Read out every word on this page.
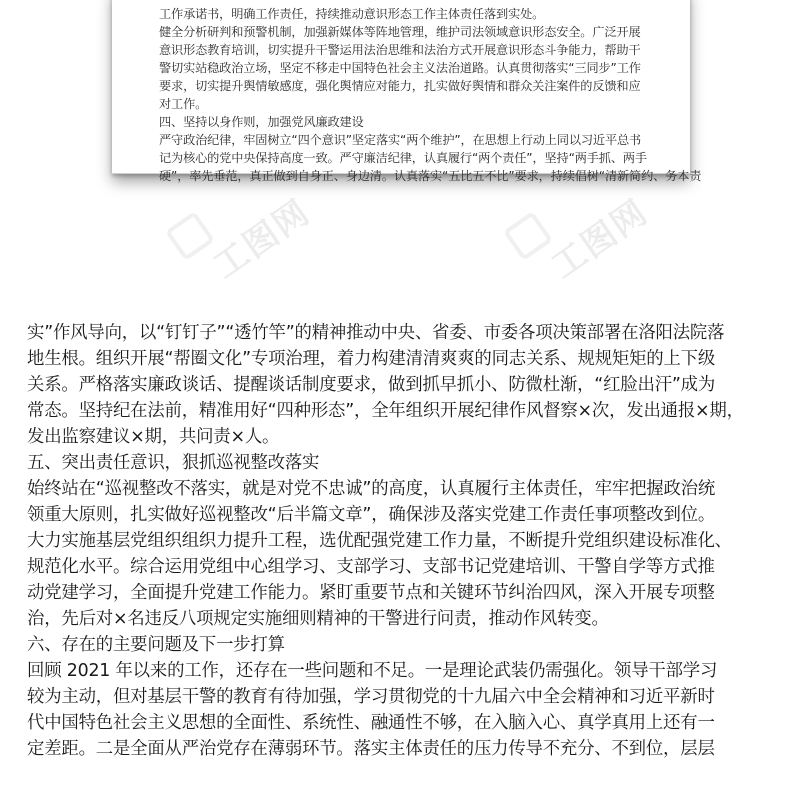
工作承诺书，明确工作责任，持续推动意识形态工作主体责任落到实处。
健全分析研判和预警机制，加强新媒体等阵地管理，维护司法领域意识形态安全。广泛开展
意识形态教育培训，切实提升干警运用法治思维和法治方式开展意识形态斗争能力，帮助干
警切实站稳政治立场，坚定不移走中国特色社会主义法治道路。认真贯彻落实“三同步”工作
要求，切实提升舆情敏感度，强化舆情应对能力，扎实做好舆情和群众关注案件的反馈和应
对工作。
四、坚持以身作则，加强党风廉政建设
严守政治纪律，牢固树立“四个意识”坚定落实“两个维护”，在思想上行动上同以习近平总书
记为核心的党中央保持高度一致。严守廉洁纪律，认真履行“两个责任”，坚持“两手抓、两手
硬”，率先垂范，真正做到自身正、身边清。认真落实“五比五不比”要求，持续倡树“清新简约、务本责
工图网	工图网
实”作风导向，以“钉钉子”“透竹竿”的精神推动中央、省委、市委各项决策部署在洛阳法院落
地生根。组织开展“帮圈文化”专项治理，着力构建清清爽爽的同志关系、规规矩矩的上下级
关系。严格落实廉政谈话、提醒谈话制度要求，做到抓早抓小、防微杜渐，“红脸出汗”成为
常态。坚持纪在法前，精准用好“四种形态”，全年组织开展纪律作风督察×次，发出通报×期，
发出监察建议×期，共问责×人。
五、突出责任意识，狠抓巡视整改落实
始终站在“巡视整改不落实，就是对党不忠诚”的高度，认真履行主体责任，牢牢把握政治统
领重大原则，扎实做好巡视整改“后半篇文章”，确保涉及落实党建工作责任事项整改到位。
大力实施基层党组织组织力提升工程，选优配强党建工作力量，不断提升党组织建设标准化、
规范化水平。综合运用党组中心组学习、支部学习、支部书记党建培训、干警自学等方式推
动党建学习，全面提升党建工作能力。紧盯重要节点和关键环节纠治四风，深入开展专项整
治，先后对×名违反八项规定实施细则精神的干警进行问责，推动作风转变。
六、存在的主要问题及下一步打算
回顾 2021 年以来的工作，还存在一些问题和不足。一是理论武装仍需强化。领导干部学习
较为主动，但对基层干警的教育有待加强，学习贯彻党的十九届六中全会精神和习近平新时
代中国特色社会主义思想的全面性、系统性、融通性不够，在入脑入心、真学真用上还有一
定差距。二是全面从严治党存在薄弱环节。落实主体责任的压力传导不充分、不到位，层层
